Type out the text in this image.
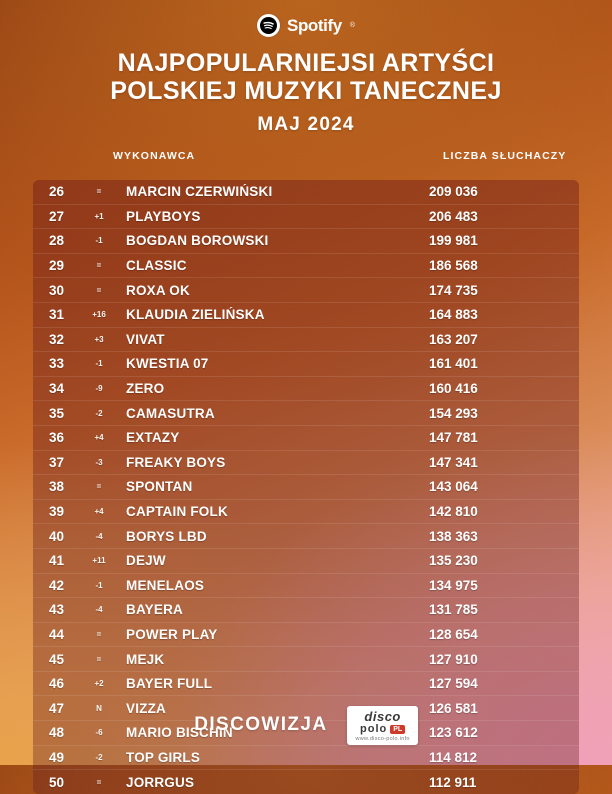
Spotify ®
NAJPOPULARNIEJSI ARTYŚCI
POLSKIEJ MUZYKI TANECZNEJ
MAJ 2024
WYKONAWCA	LICZBA SŁUCHACZY
26	=	MARCIN CZERWIŃSKI	209 036
27	+1	PLAYBOYS	206 483
28	-1	BOGDAN BOROWSKI	199 981
29	=	CLASSIC	186 568
30	=	ROXA OK	174 735
31	+16	KLAUDIA ZIELIŃSKA	164 883
32	+3	VIVAT	163 207
33	-1	KWESTIA 07	161 401
34	-9	ZERO	160 416
35	-2	CAMASUTRA	154 293
36	+4	EXTAZY	147 781
37	-3	FREAKY BOYS	147 341
38	=	SPONTAN	143 064
39	+4	CAPTAIN FOLK	142 810
40	-4	BORYS LBD	138 363
41	+11	DEJW	135 230
42	-1	MENELAOS	134 975
43	-4	BAYERA	131 785
44	=	POWER PLAY	128 654
45	=	MEJK	127 910
46	+2	BAYER FULL	127 594
47	N	VIZZA	126 581
48	-6	MARIO BISCHIN	123 612
49	-2	TOP GIRLS	114 812
50	=	JORRGUS	112 911
DISCOWIZJA	disco
polo PL
www.disco-polo.info
